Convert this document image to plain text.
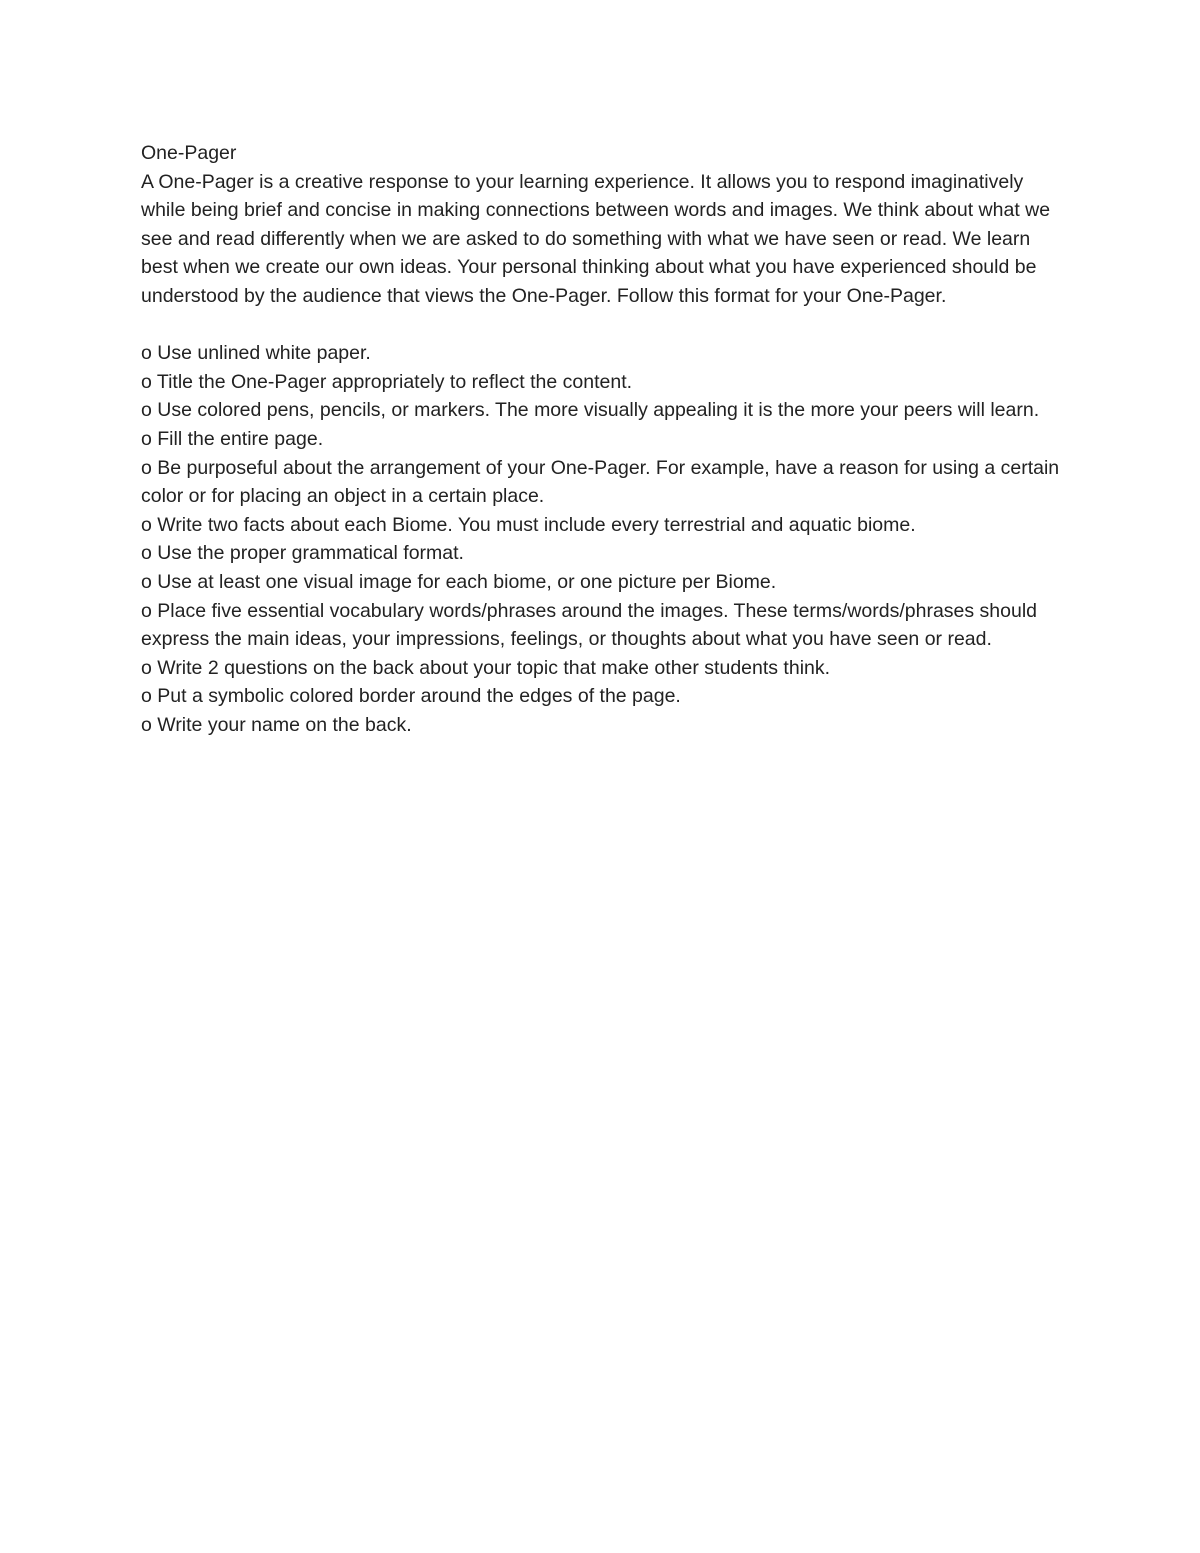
One-Pager

A One-Pager is a creative response to your learning experience. It allows you to respond imaginatively while being brief and concise in making connections between words and images. We think about what we see and read differently when we are asked to do something with what we have seen or read. We learn best when we create our own ideas. Your personal thinking about what you have experienced should be understood by the audience that views the One-Pager. Follow this format for your One-Pager.

o Use unlined white paper.
o Title the One-Pager appropriately to reflect the content.
o Use colored pens, pencils, or markers. The more visually appealing it is the more your peers will learn.
o Fill the entire page.
o Be purposeful about the arrangement of your One-Pager. For example, have a reason for using a certain color or for placing an object in a certain place.
o Write two facts about each Biome. You must include every terrestrial and aquatic biome.
o Use the proper grammatical format.
o Use at least one visual image for each biome, or one picture per Biome.
o Place five essential vocabulary words/phrases around the images. These terms/words/phrases should express the main ideas, your impressions, feelings, or thoughts about what you have seen or read.
o Write 2 questions on the back about your topic that make other students think.
o Put a symbolic colored border around the edges of the page.
o Write your name on the back.
